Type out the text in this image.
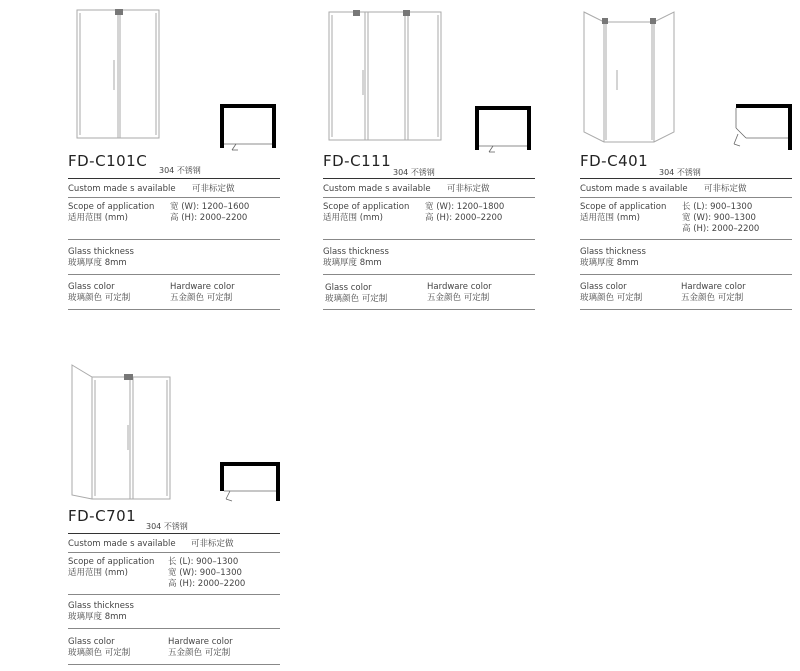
FD-C101C
304 不锈钢
Custom made s available 可非标定做
Scope of application
适用范围 (mm)
宽 (W): 1200–1600
高 (H): 2000–2200
Glass thickness
玻璃厚度 8mm
Glass color
玻璃颜色 可定制
Hardware color
五金颜色 可定制
FD-C111
304 不锈钢
Custom made s available 可非标定做
Scope of application
适用范围 (mm)
宽 (W): 1200–1800
高 (H): 2000–2200
Glass thickness
玻璃厚度 8mm
Glass color
玻璃颜色 可定制
Hardware color
五金颜色 可定制
FD-C401
304 不锈钢
Custom made s available 可非标定做
Scope of application
适用范围 (mm)
长 (L): 900–1300
宽 (W): 900–1300
高 (H): 2000–2200
Glass thickness
玻璃厚度 8mm
Glass color
玻璃颜色 可定制
Hardware color
五金颜色 可定制
FD-C701
304 不锈钢
Custom made s available 可非标定做
Scope of application
适用范围 (mm)
长 (L): 900–1300
宽 (W): 900–1300
高 (H): 2000–2200
Glass thickness
玻璃厚度 8mm
Glass color
玻璃颜色 可定制
Hardware color
五金颜色 可定制
